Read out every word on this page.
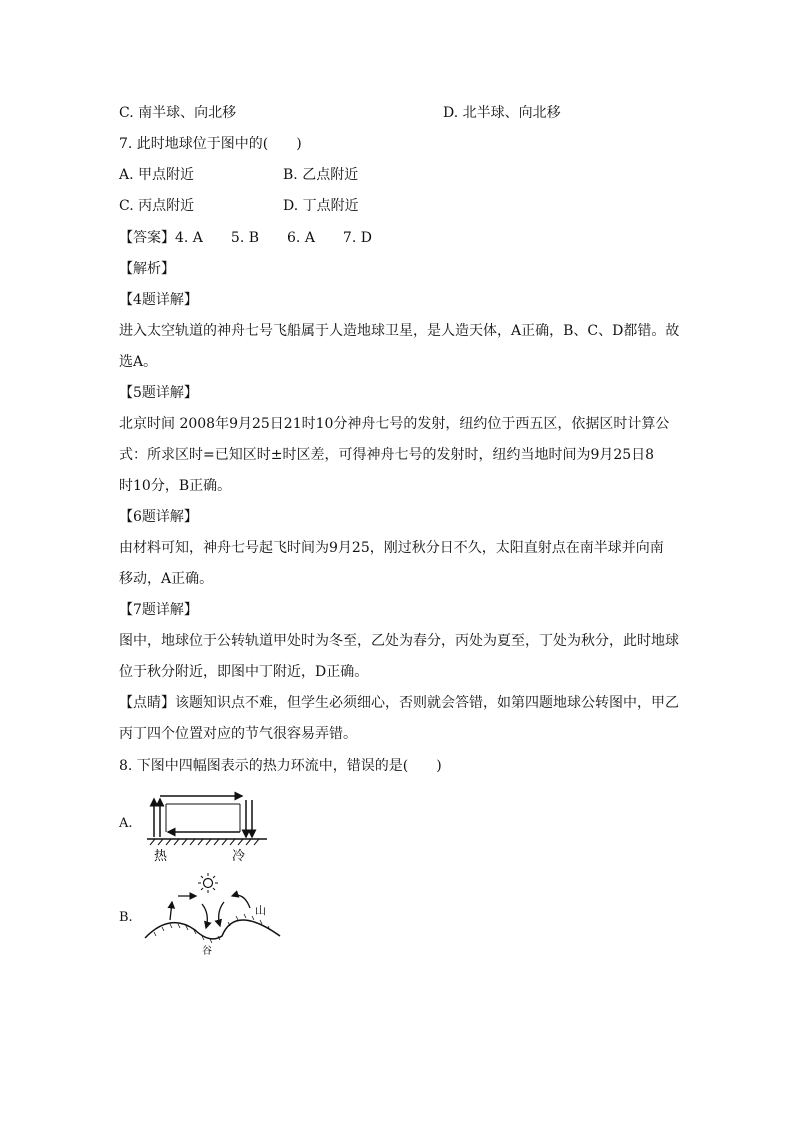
C. 南半球、向北移	D. 北半球、向北移
7. 此时地球位于图中的(　　)
A. 甲点附近	B. 乙点附近
C. 丙点附近	D. 丁点附近
【答案】4. A　　5. B　　6. A　　7. D
【解析】
【4题详解】
进入太空轨道的神舟七号飞船属于人造地球卫星，是人造天体，A正确，B、C、D都错。故
选A。
【5题详解】
北京时间 2008年9月25日21时10分神舟七号的发射，纽约位于西五区，依据区时计算公
式：所求区时=已知区时±时区差，可得神舟七号的发射时，纽约当地时间为9月25日8
时10分，B正确。
【6题详解】
由材料可知，神舟七号起飞时间为9月25，刚过秋分日不久，太阳直射点在南半球并向南
移动，A正确。
【7题详解】
图中，地球位于公转轨道甲处时为冬至，乙处为春分，丙处为夏至，丁处为秋分，此时地球
位于秋分附近，即图中丁附近，D正确。
【点睛】该题知识点不难，但学生必须细心，否则就会答错，如第四题地球公转图中，甲乙
丙丁四个位置对应的节气很容易弄错。
8. 下图中四幅图表示的热力环流中，错误的是(　　)
A.
热	冷
B.	山
谷
